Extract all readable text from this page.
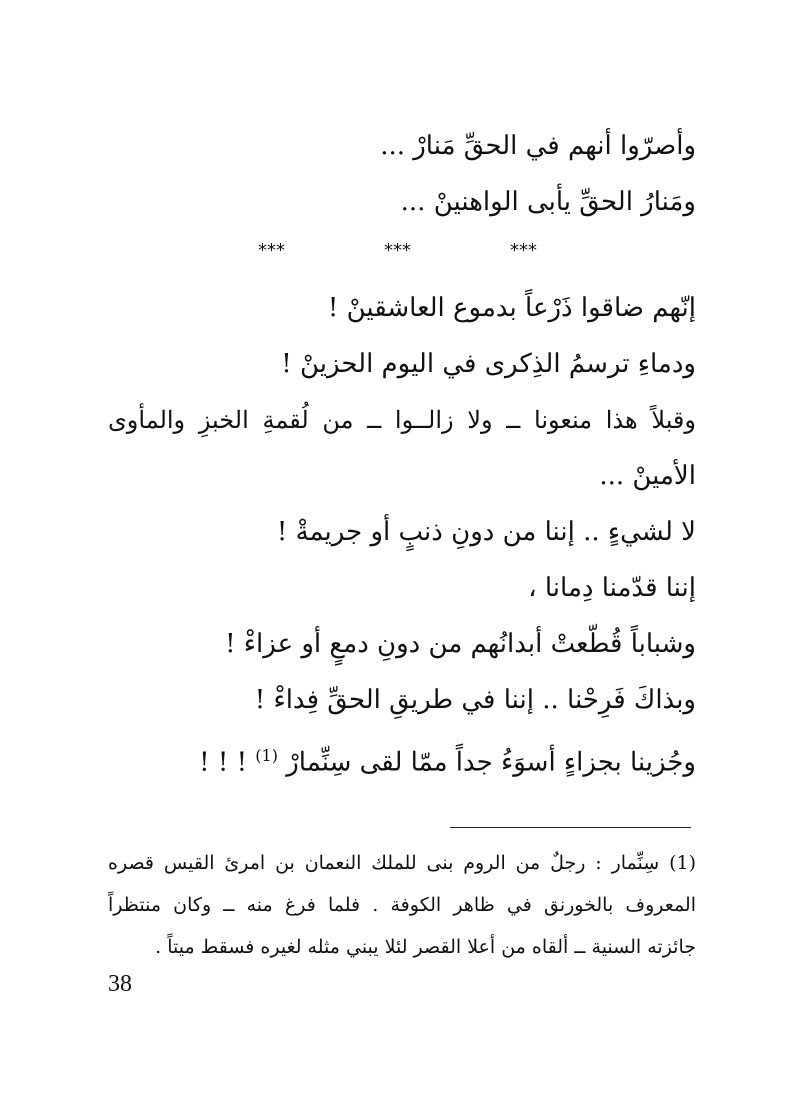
وأصرّوا أنهم في الحقِّ مَنارْ ...
ومَنارُ الحقِّ يأبى الواهنينْ ...
***	***	***
إنّهم ضاقوا ذَرْعاً بدموع العاشقينْ !
ودماءِ ترسمُ الذِكرى في اليوم الحزينْ !
وقبلاً هذا منعونا ــ ولا زالــوا ــ من لُقمةِ الخبزِ والمأوى
الأمينْ ...
لا لشيءٍ .. إننا من دونِ ذنبٍ أو جريمةْ !
إننا قدّمنا دِمانا ،
وشباباً قُطّعتْ أبدانُهم من دونِ دمعٍ أو عزاءْ !
وبذاكَ فَرِحْنا .. إننا في طريقِ الحقِّ فِداءْ !
وجُزينا بجزاءٍ أسوَءُ جداً ممّا لقى سِنِّمارْ $^{(1)}$ ! ! !
(1) سِنِّمار : رجلٌ من الروم بنى للملك النعمان بن امرئ القيس قصره
المعروف بالخورنق في ظاهر الكوفة . فلما فرغ منه ــ وكان منتظراً
جائزته السنية ــ ألقاه من أعلا القصر لئلا يبني مثله لغيره فسقط ميتاً .
38
